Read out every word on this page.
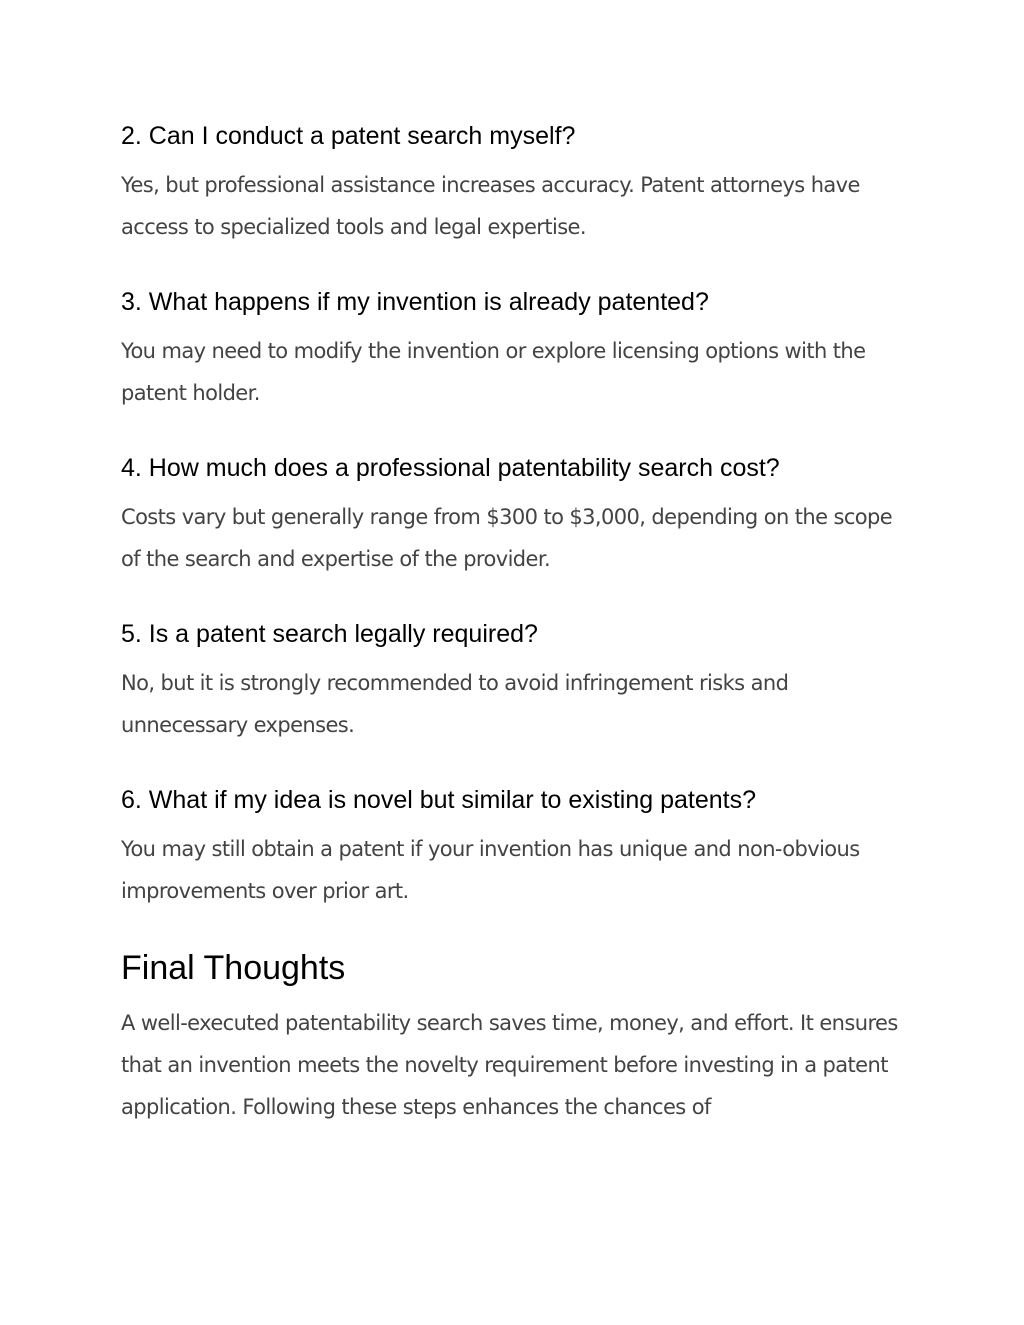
2. Can I conduct a patent search myself?

Yes, but professional assistance increases accuracy. Patent attorneys have access to specialized tools and legal expertise.

3. What happens if my invention is already patented?

You may need to modify the invention or explore licensing options with the patent holder.

4. How much does a professional patentability search cost?

Costs vary but generally range from $300 to $3,000, depending on the scope of the search and expertise of the provider.

5. Is a patent search legally required?

No, but it is strongly recommended to avoid infringement risks and unnecessary expenses.

6. What if my idea is novel but similar to existing patents?

You may still obtain a patent if your invention has unique and non-obvious improvements over prior art.

Final Thoughts

A well-executed patentability search saves time, money, and effort. It ensures that an invention meets the novelty requirement before investing in a patent application. Following these steps enhances the chances of
